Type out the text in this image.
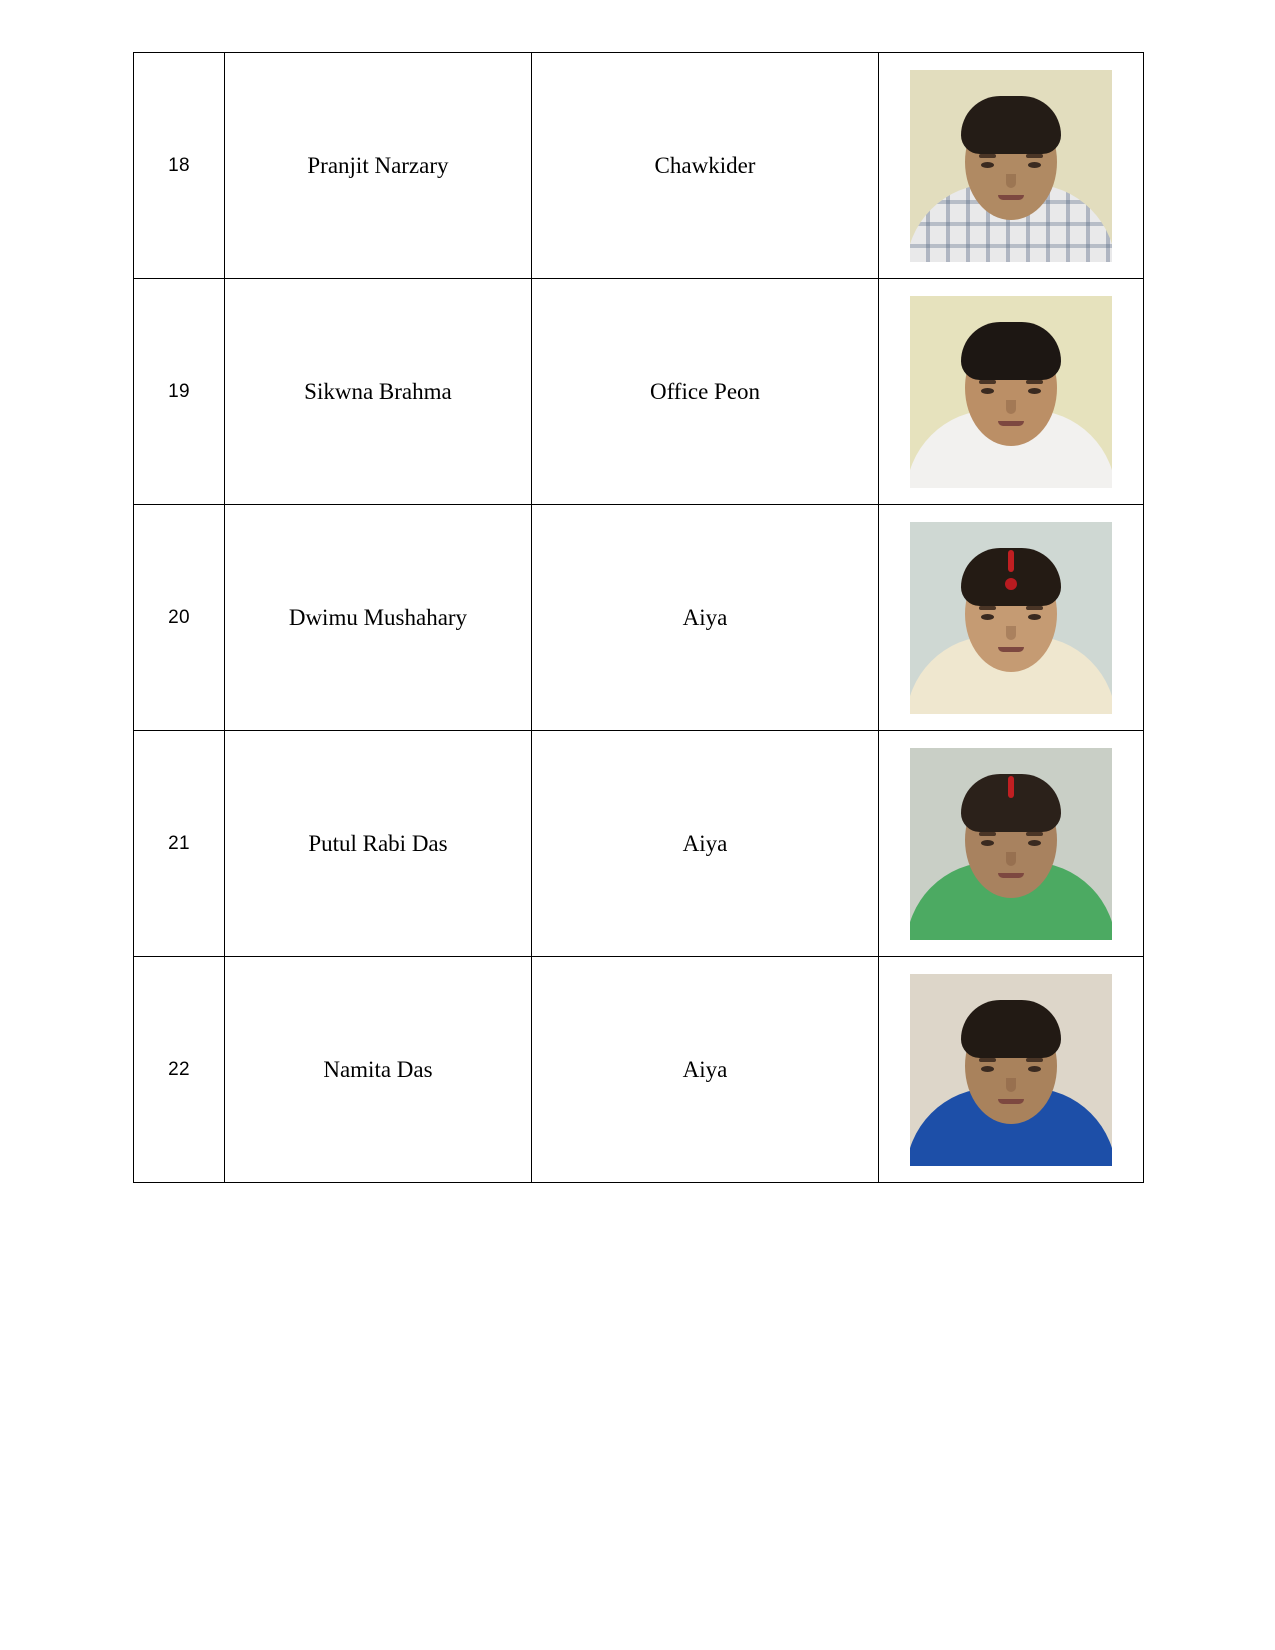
18	Pranjit Narzary	Chawkider	

19	Sikwna Brahma	Office Peon	

20	Dwimu Mushahary	Aiya	

21	Putul Rabi Das	Aiya	

22	Namita Das	Aiya	
